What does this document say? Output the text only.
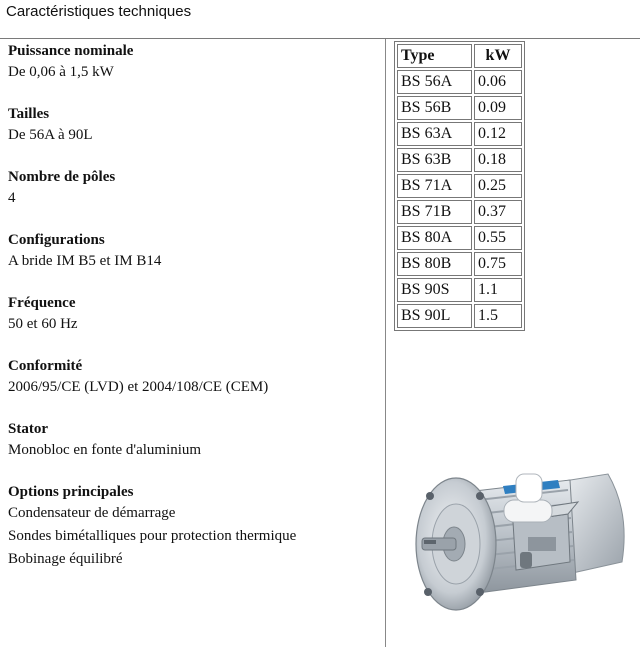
Caractéristiques techniques
Puissance nominale
De 0,06 à 1,5 kW
Tailles
De 56A à 90L
Nombre de pôles
4
Configurations
A bride IM B5 et IM B14
Fréquence
50 et 60 Hz
Conformité
2006/95/CE (LVD) et 2004/108/CE (CEM)
Stator
Monobloc en fonte d'aluminium
Options principales
Condensateur de démarrage
Sondes bimétalliques pour protection thermique
Bobinage équilibré
Type	kW
BS 56A	0.06
BS 56B	0.09
BS 63A	0.12
BS 63B	0.18
BS 71A	0.25
BS 71B	0.37
BS 80A	0.55
BS 80B	0.75
BS 90S	1.1
BS 90L	1.5
